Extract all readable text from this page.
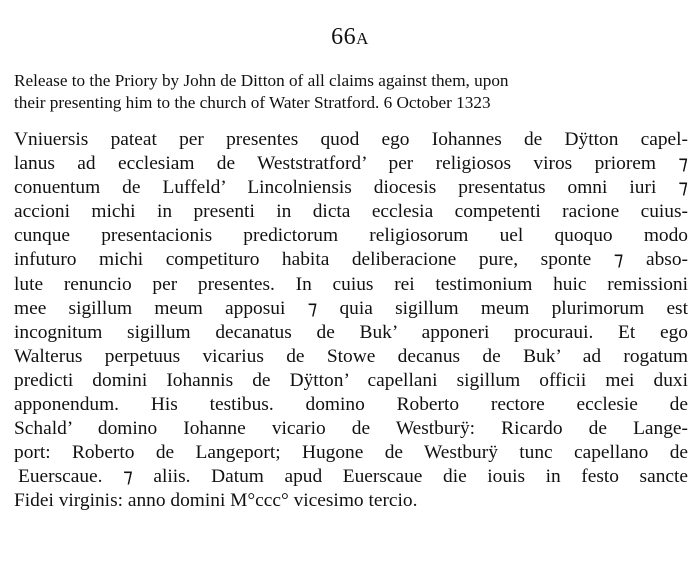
66A
Release to the Priory by John de Ditton of all claims against them, upon
their presenting him to the church of Water Stratford. 6 October 1323
Vniuersis pateat per presentes quod ego Iohannes de Dÿtton capel-
lanus ad ecclesiam de Weststratford’ per religiosos viros priorem ⁊
conuentum de Luffeld’ Lincolniensis diocesis presentatus omni iuri ⁊
accioni michi in presenti in dicta ecclesia competenti racione cuius-
cunque presentacionis predictorum religiosorum uel quoquo modo
infuturo michi competituro habita deliberacione pure, sponte ⁊ abso-
lute renuncio per presentes. In cuius rei testimonium huic remissioni
mee sigillum meum apposui ⁊ quia sigillum meum plurimorum est
incognitum sigillum decanatus de Buk’ apponeri procuraui. Et ego
Walterus perpetuus vicarius de Stowe decanus de Buk’ ad rogatum
predicti domini Iohannis de Dÿtton’ capellani sigillum officii mei duxi
apponendum. His testibus. domino Roberto rectore ecclesie de
Schald’ domino Iohanne vicario de Westburÿ: Ricardo de Lange-
port: Roberto de Langeport; Hugone de Westburÿ tunc capellano de
Euerscaue. ⁊ aliis. Datum apud Euerscaue die iouis in festo sancte
Fidei virginis: anno domini M°ccc° vicesimo tercio.
